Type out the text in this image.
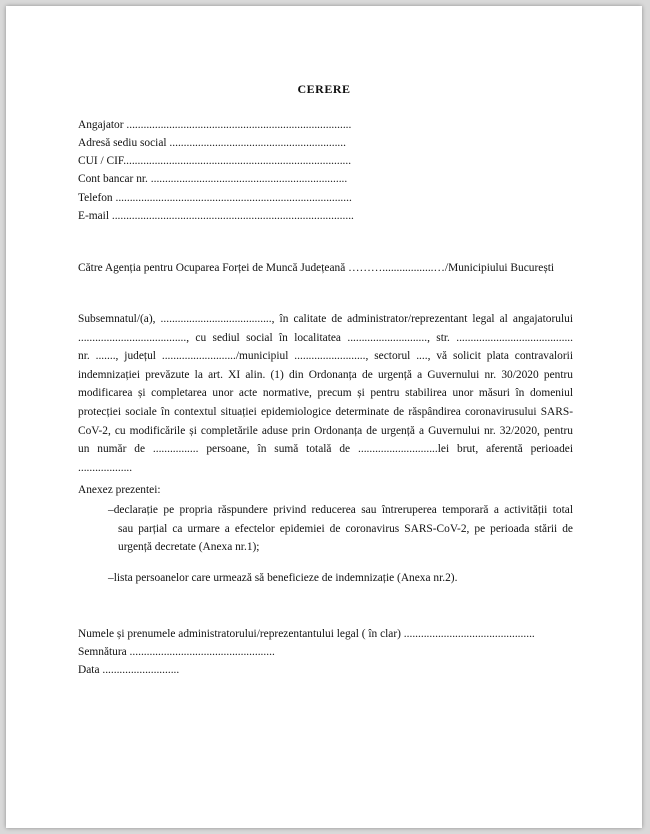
CERERE
Angajator ...............................................................................
Adresă sediu social ..............................................................
CUI / CIF................................................................................
Cont bancar nr. .....................................................................
Telefon ...................................................................................
E-mail .....................................................................................
Către Agenția pentru Ocuparea Forței de Muncă Județeană ………..................…/Municipiului București
Subsemnatul/(a), ......................................., în calitate de administrator/reprezentant legal al angajatorului
......................................, cu sediul social în localitatea ............................, str. .........................................
nr. ......., județul ........................../municipiul ........................., sectorul ...., vă solicit plata contravalorii
indemnizației prevăzute la art. XI alin. (1) din Ordonanța de urgență a Guvernului nr. 30/2020 pentru
modificarea și completarea unor acte normative, precum și pentru stabilirea unor măsuri în domeniul
protecției sociale în contextul situației epidemiologice determinate de răspândirea coronavirusului SARS-
CoV-2, cu modificările și completările aduse prin Ordonanța de urgență a Guvernului nr. 32/2020, pentru
un număr de ................ persoane, în sumă totală de ............................lei brut, aferentă perioadei
...................
Anexez prezentei:
–declarație pe propria răspundere privind reducerea sau întreruperea temporară a activității total
sau parțial ca urmare a efectelor epidemiei de coronavirus SARS-CoV-2, pe perioada stării de
urgență decretate (Anexa nr.1);
–lista persoanelor care urmează să beneficieze de indemnizație (Anexa nr.2).
Numele și prenumele administratorului/reprezentantului legal ( în clar) ..............................................
Semnătura ...................................................
Data ...........................
